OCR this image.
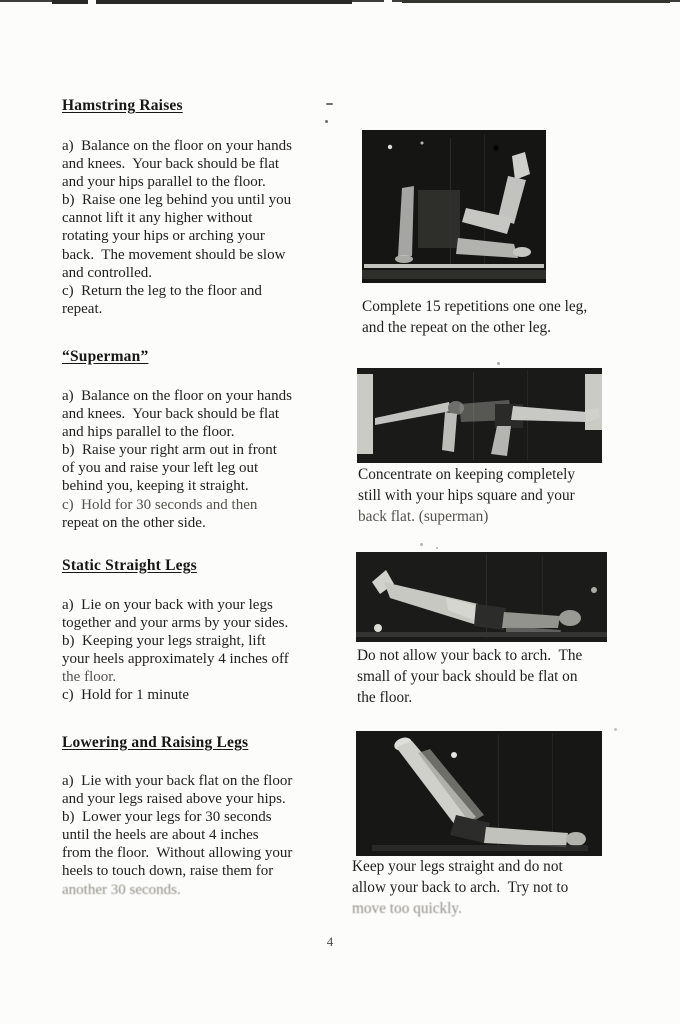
Hamstring Raises
a)  Balance on the floor on your hands
and knees.  Your back should be flat
and your hips parallel to the floor.
b)  Raise one leg behind you until you
cannot lift it any higher without
rotating your hips or arching your
back.  The movement should be slow
and controlled.
c)  Return the leg to the floor and
repeat.	Complete 15 repetitions one one leg,
and the repeat on the other leg.
“Superman”
a)  Balance on the floor on your hands
and knees.  Your back should be flat
and hips parallel to the floor.
b)  Raise your right arm out in front
of you and raise your left leg out
behind you, keeping it straight.
c)  Hold for 30 seconds and then
repeat on the other side.
Concentrate on keeping completely
still with your hips square and your
back flat. (superman)
Static Straight Legs
a)  Lie on your back with your legs
together and your arms by your sides.
b)  Keeping your legs straight, lift
your heels approximately 4 inches off
the floor.
c)  Hold for 1 minute
Do not allow your back to arch.  The
small of your back should be flat on
the floor.
Lowering and Raising Legs
a)  Lie with your back flat on the floor
and your legs raised above your hips.
b)  Lower your legs for 30 seconds
until the heels are about 4 inches
from the floor.  Without allowing your
heels to touch down, raise them for
another 30 seconds.
Keep your legs straight and do not
allow your back to arch.  Try not to
move too quickly.
4
